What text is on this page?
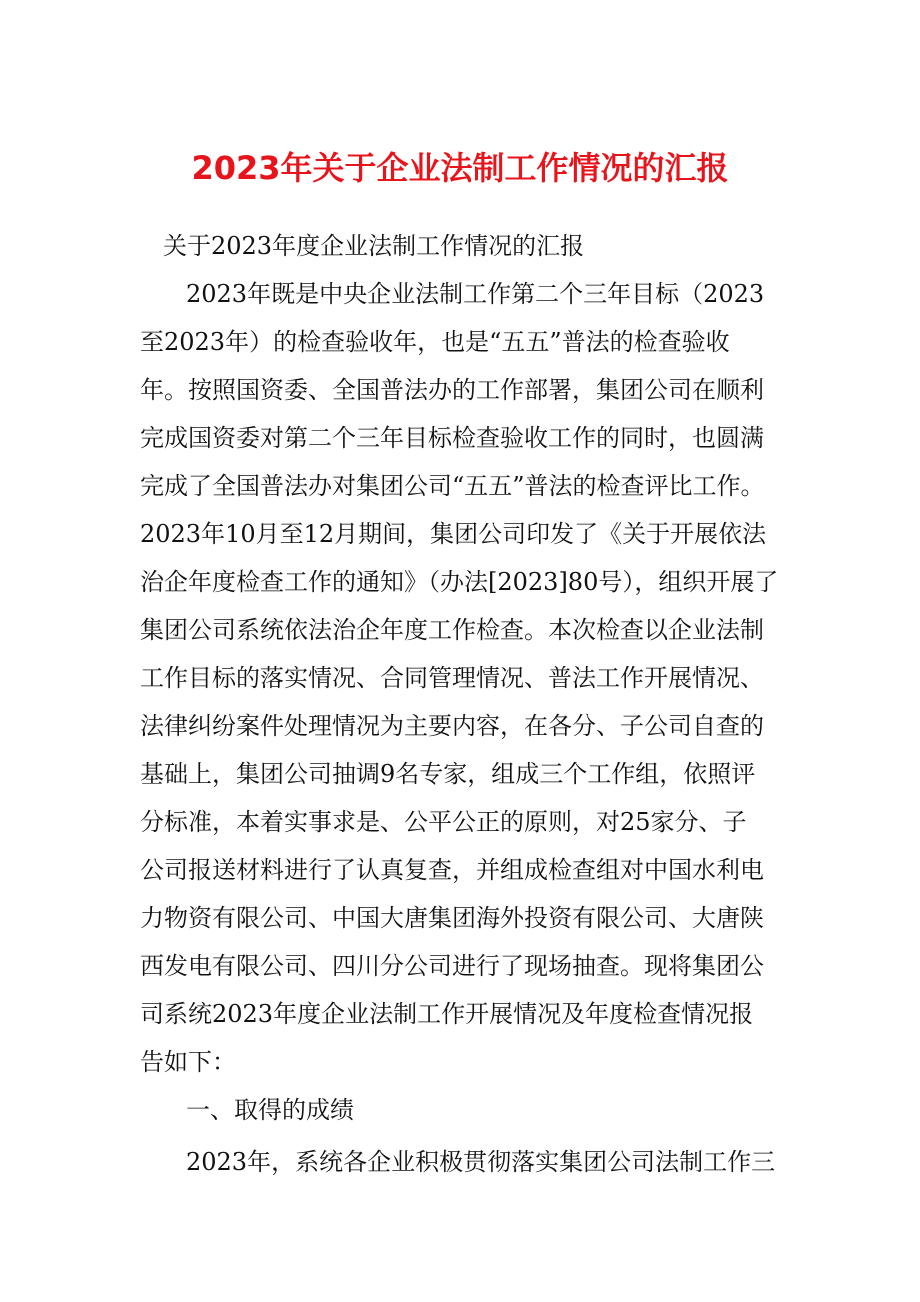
2023年关于企业法制工作情况的汇报

关于2023年度企业法制工作情况的汇报

2023年既是中央企业法制工作第二个三年目标（2023

至2023年）的检查验收年，也是“五五”普法的检查验收

年。按照国资委、全国普法办的工作部署，集团公司在顺利

完成国资委对第二个三年目标检查验收工作的同时，也圆满

完成了全国普法办对集团公司“五五”普法的检查评比工作。

2023年10月至12月期间，集团公司印发了《关于开展依法

治企年度检查工作的通知》（办法[2023]80号），组织开展了

集团公司系统依法治企年度工作检查。本次检查以企业法制

工作目标的落实情况、合同管理情况、普法工作开展情况、

法律纠纷案件处理情况为主要内容，在各分、子公司自查的

基础上，集团公司抽调9名专家，组成三个工作组，依照评

分标准，本着实事求是、公平公正的原则，对25家分、子

公司报送材料进行了认真复查，并组成检查组对中国水利电

力物资有限公司、中国大唐集团海外投资有限公司、大唐陕

西发电有限公司、四川分公司进行了现场抽查。现将集团公

司系统2023年度企业法制工作开展情况及年度检查情况报

告如下：

一、取得的成绩

2023年，系统各企业积极贯彻落实集团公司法制工作三
